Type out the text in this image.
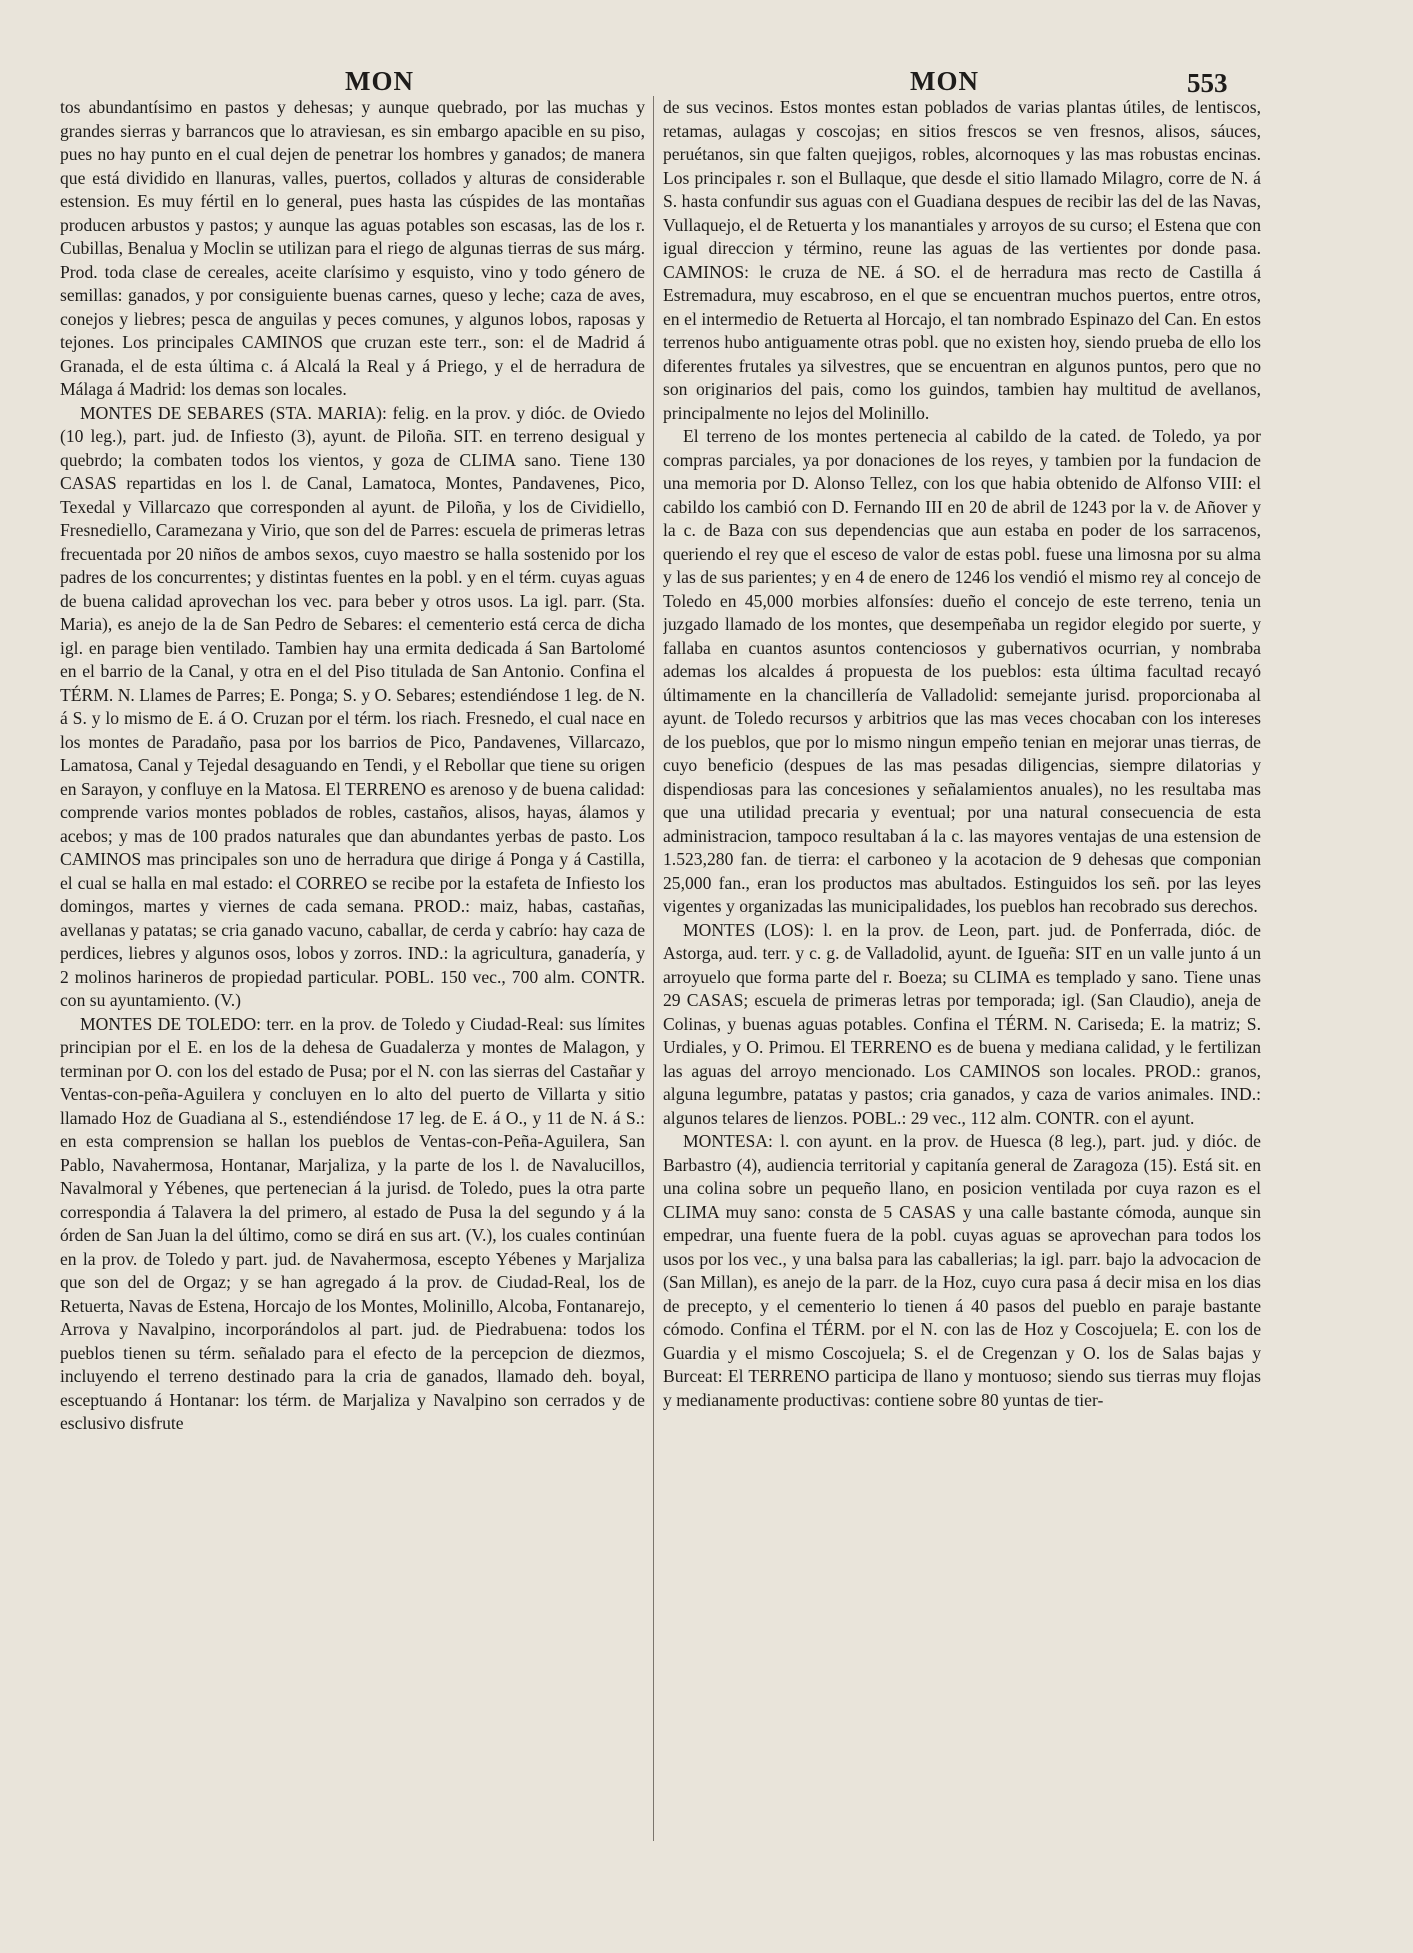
MON	MON	553

tos abundantísimo en pastos y dehesas; y aunque quebrado, por las muchas y grandes sierras y barrancos que lo atraviesan, es sin embargo apacible en su piso, pues no hay punto en el cual dejen de penetrar los hombres y ganados; de manera que está dividido en llanuras, valles, puertos, collados y alturas de considerable estension. Es muy fértil en lo general, pues hasta las cúspides de las montañas producen arbustos y pastos; y aunque las aguas potables son escasas, las de los r. Cubillas, Benalua y Moclin se utilizan para el riego de algunas tierras de sus márg. Prod. toda clase de cereales, aceite clarísimo y esquisto, vino y todo género de semillas: ganados, y por consiguiente buenas carnes, queso y leche; caza de aves, conejos y liebres; pesca de anguilas y peces comunes, y algunos lobos, raposas y tejones. Los principales CAMINOS que cruzan este terr., son: el de Madrid á Granada, el de esta última c. á Alcalá la Real y á Priego, y el de herradura de Málaga á Madrid: los demas son locales.

MONTES DE SEBARES (STA. MARIA): felig. en la prov. y dióc. de Oviedo (10 leg.), part. jud. de Infiesto (3), ayunt. de Piloña. SIT. en terreno desigual y quebrdo; la combaten todos los vientos, y goza de CLIMA sano. Tiene 130 CASAS repartidas en los l. de Canal, Lamatoca, Montes, Pandavenes, Pico, Texedal y Villarcazo que corresponden al ayunt. de Piloña, y los de Cividiello, Fresnediello, Caramezana y Virio, que son del de Parres: escuela de primeras letras frecuentada por 20 niños de ambos sexos, cuyo maestro se halla sostenido por los padres de los concurrentes; y distintas fuentes en la pobl. y en el térm. cuyas aguas de buena calidad aprovechan los vec. para beber y otros usos. La igl. parr. (Sta. Maria), es anejo de la de San Pedro de Sebares: el cementerio está cerca de dicha igl. en parage bien ventilado. Tambien hay una ermita dedicada á San Bartolomé en el barrio de la Canal, y otra en el del Piso titulada de San Antonio. Confina el TÉRM. N. Llames de Parres; E. Ponga; S. y O. Sebares; estendiéndose 1 leg. de N. á S. y lo mismo de E. á O. Cruzan por el térm. los riach. Fresnedo, el cual nace en los montes de Paradaño, pasa por los barrios de Pico, Pandavenes, Villarcazo, Lamatosa, Canal y Tejedal desaguando en Tendi, y el Rebollar que tiene su origen en Sarayon, y confluye en la Matosa. El TERRENO es arenoso y de buena calidad: comprende varios montes poblados de robles, castaños, alisos, hayas, álamos y acebos; y mas de 100 prados naturales que dan abundantes yerbas de pasto. Los CAMINOS mas principales son uno de herradura que dirige á Ponga y á Castilla, el cual se halla en mal estado: el CORREO se recibe por la estafeta de Infiesto los domingos, martes y viernes de cada semana. PROD.: maiz, habas, castañas, avellanas y patatas; se cria ganado vacuno, caballar, de cerda y cabrío: hay caza de perdices, liebres y algunos osos, lobos y zorros. IND.: la agricultura, ganadería, y 2 molinos harineros de propiedad particular. POBL. 150 vec., 700 alm. CONTR. con su ayuntamiento. (V.)

MONTES DE TOLEDO: terr. en la prov. de Toledo y Ciudad-Real: sus límites principian por el E. en los de la dehesa de Guadalerza y montes de Malagon, y terminan por O. con los del estado de Pusa; por el N. con las sierras del Castañar y Ventas-con-peña-Aguilera y concluyen en lo alto del puerto de Villarta y sitio llamado Hoz de Guadiana al S., estendiéndose 17 leg. de E. á O., y 11 de N. á S.: en esta comprension se hallan los pueblos de Ventas-con-Peña-Aguilera, San Pablo, Navahermosa, Hontanar, Marjaliza, y la parte de los l. de Navalucillos, Navalmoral y Yébenes, que pertenecian á la jurisd. de Toledo, pues la otra parte correspondia á Talavera la del primero, al estado de Pusa la del segundo y á la órden de San Juan la del último, como se dirá en sus art. (V.), los cuales continúan en la prov. de Toledo y part. jud. de Navahermosa, escepto Yébenes y Marjaliza que son del de Orgaz; y se han agregado á la prov. de Ciudad-Real, los de Retuerta, Navas de Estena, Horcajo de los Montes, Molinillo, Alcoba, Fontanarejo, Arrova y Navalpino, incorporándolos al part. jud. de Piedrabuena: todos los pueblos tienen su térm. señalado para el efecto de la percepcion de diezmos, incluyendo el terreno destinado para la cria de ganados, llamado deh. boyal, esceptuando á Hontanar: los térm. de Marjaliza y Navalpino son cerrados y de esclusivo disfrute

de sus vecinos. Estos montes estan poblados de varias plantas útiles, de lentiscos, retamas, aulagas y coscojas; en sitios frescos se ven fresnos, alisos, sáuces, peruétanos, sin que falten quejigos, robles, alcornoques y las mas robustas encinas. Los principales r. son el Bullaque, que desde el sitio llamado Milagro, corre de N. á S. hasta confundir sus aguas con el Guadiana despues de recibir las del de las Navas, Vullaquejo, el de Retuerta y los manantiales y arroyos de su curso; el Estena que con igual direccion y término, reune las aguas de las vertientes por donde pasa. CAMINOS: le cruza de NE. á SO. el de herradura mas recto de Castilla á Estremadura, muy escabroso, en el que se encuentran muchos puertos, entre otros, en el intermedio de Retuerta al Horcajo, el tan nombrado Espinazo del Can. En estos terrenos hubo antiguamente otras pobl. que no existen hoy, siendo prueba de ello los diferentes frutales ya silvestres, que se encuentran en algunos puntos, pero que no son originarios del pais, como los guindos, tambien hay multitud de avellanos, principalmente no lejos del Molinillo.

El terreno de los montes pertenecia al cabildo de la cated. de Toledo, ya por compras parciales, ya por donaciones de los reyes, y tambien por la fundacion de una memoria por D. Alonso Tellez, con los que habia obtenido de Alfonso VIII: el cabildo los cambió con D. Fernando III en 20 de abril de 1243 por la v. de Añover y la c. de Baza con sus dependencias que aun estaba en poder de los sarracenos, queriendo el rey que el esceso de valor de estas pobl. fuese una limosna por su alma y las de sus parientes; y en 4 de enero de 1246 los vendió el mismo rey al concejo de Toledo en 45,000 morbies alfonsíes: dueño el concejo de este terreno, tenia un juzgado llamado de los montes, que desempeñaba un regidor elegido por suerte, y fallaba en cuantos asuntos contenciosos y gubernativos ocurrian, y nombraba ademas los alcaldes á propuesta de los pueblos: esta última facultad recayó últimamente en la chancillería de Valladolid: semejante jurisd. proporcionaba al ayunt. de Toledo recursos y arbitrios que las mas veces chocaban con los intereses de los pueblos, que por lo mismo ningun empeño tenian en mejorar unas tierras, de cuyo beneficio (despues de las mas pesadas diligencias, siempre dilatorias y dispendiosas para las concesiones y señalamientos anuales), no les resultaba mas que una utilidad precaria y eventual; por una natural consecuencia de esta administracion, tampoco resultaban á la c. las mayores ventajas de una estension de 1.523,280 fan. de tierra: el carboneo y la acotacion de 9 dehesas que componian 25,000 fan., eran los productos mas abultados. Estinguidos los señ. por las leyes vigentes y organizadas las municipalidades, los pueblos han recobrado sus derechos.

MONTES (LOS): l. en la prov. de Leon, part. jud. de Ponferrada, dióc. de Astorga, aud. terr. y c. g. de Valladolid, ayunt. de Igueña: SIT en un valle junto á un arroyuelo que forma parte del r. Boeza; su CLIMA es templado y sano. Tiene unas 29 CASAS; escuela de primeras letras por temporada; igl. (San Claudio), aneja de Colinas, y buenas aguas potables. Confina el TÉRM. N. Cariseda; E. la matriz; S. Urdiales, y O. Primou. El TERRENO es de buena y mediana calidad, y le fertilizan las aguas del arroyo mencionado. Los CAMINOS son locales. PROD.: granos, alguna legumbre, patatas y pastos; cria ganados, y caza de varios animales. IND.: algunos telares de lienzos. POBL.: 29 vec., 112 alm. CONTR. con el ayunt.

MONTESA: l. con ayunt. en la prov. de Huesca (8 leg.), part. jud. y dióc. de Barbastro (4), audiencia territorial y capitanía general de Zaragoza (15). Está sit. en una colina sobre un pequeño llano, en posicion ventilada por cuya razon es el CLIMA muy sano: consta de 5 CASAS y una calle bastante cómoda, aunque sin empedrar, una fuente fuera de la pobl. cuyas aguas se aprovechan para todos los usos por los vec., y una balsa para las caballerias; la igl. parr. bajo la advocacion de (San Millan), es anejo de la parr. de la Hoz, cuyo cura pasa á decir misa en los dias de precepto, y el cementerio lo tienen á 40 pasos del pueblo en paraje bastante cómodo. Confina el TÉRM. por el N. con las de Hoz y Coscojuela; E. con los de Guardia y el mismo Coscojuela; S. el de Cregenzan y O. los de Salas bajas y Burceat: El TERRENO participa de llano y montuoso; siendo sus tierras muy flojas y medianamente productivas: contiene sobre 80 yuntas de tier-
